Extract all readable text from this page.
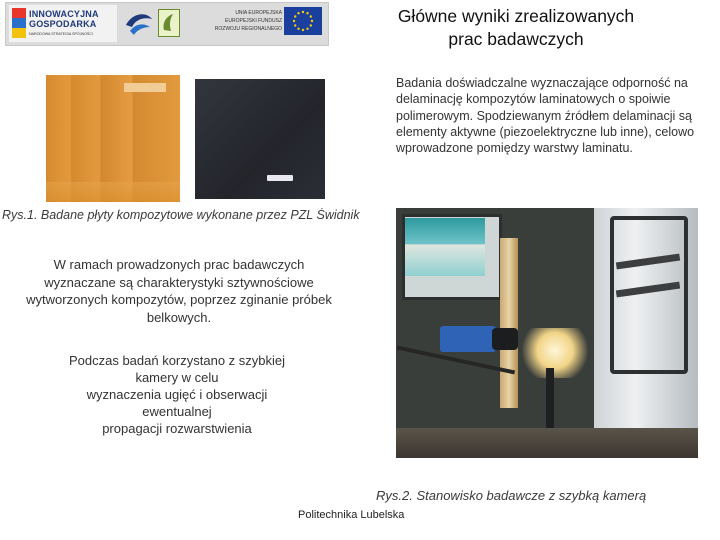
INNOWACYJNA
GOSPODARKA
NARODOWA STRATEGIA SPÓJNOŚCI
UNIA EUROPEJSKA
EUROPEJSKI FUNDUSZ
ROZWOJU REGIONALNEGO
Główne wyniki zrealizowanych
prac badawczych
Rys.1. Badane płyty kompozytowe wykonane przez PZL Świdnik
Badania doświadczalne wyznaczające odporność na delaminację kompozytów laminatowych o spoiwie polimerowym. Spodziewanym źródłem delaminacji są elementy aktywne (piezoelektryczne lub inne), celowo wprowadzone pomiędzy warstwy laminatu.
W ramach prowadzonych prac badawczych wyznaczane są charakterystyki sztywnościowe wytworzonych kompozytów, poprzez zginanie próbek belkowych.
Podczas badań korzystano z szybkiej
kamery w celu
wyznaczenia ugięć i obserwacji
ewentualnej
propagacji rozwarstwienia
Rys.2. Stanowisko badawcze z szybką kamerą
Politechnika Lubelska
